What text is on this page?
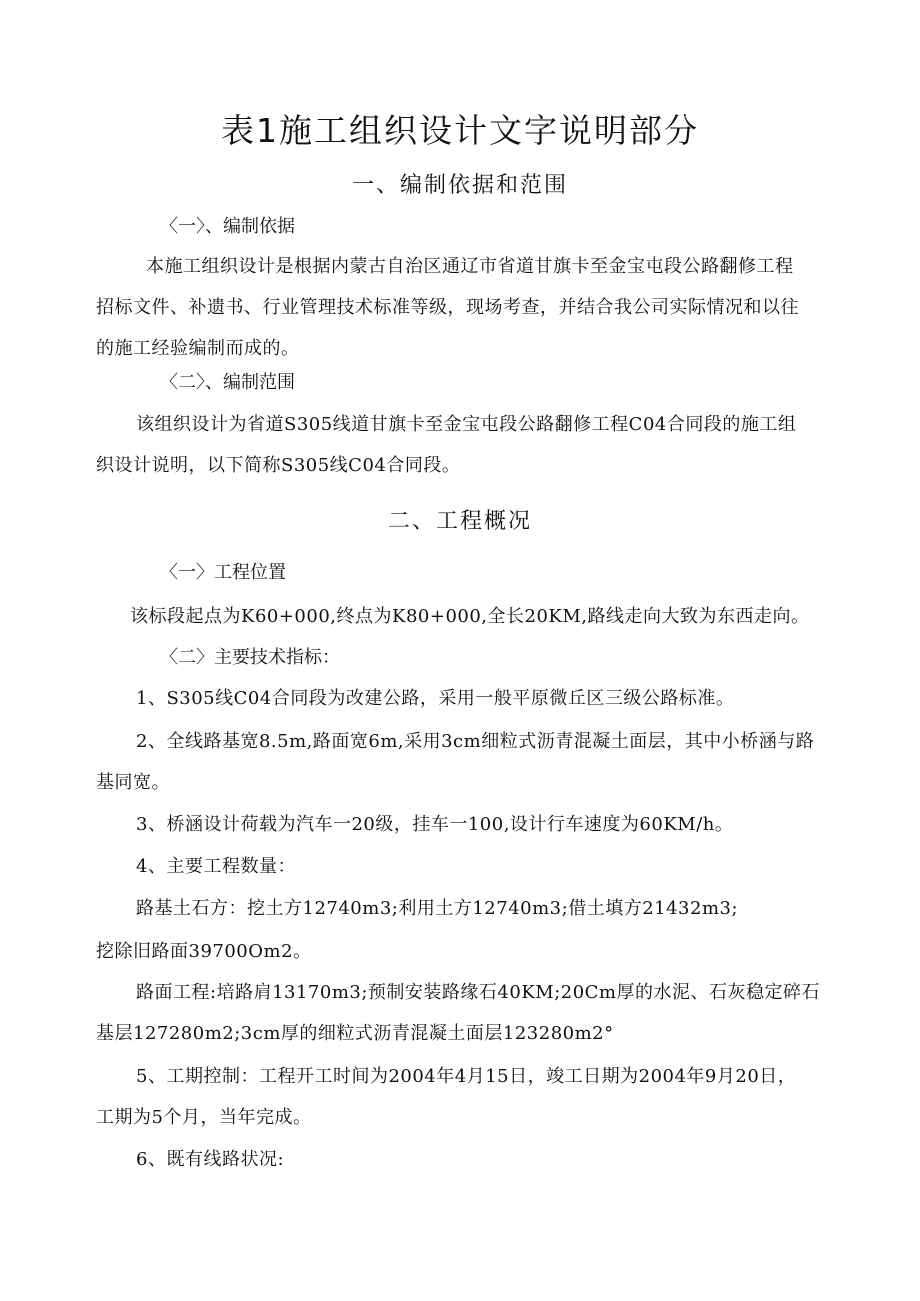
表1施工组织设计文字说明部分
一、编制依据和范围
〈一〉、编制依据
本施工组织设计是根据内蒙古自治区通辽市省道甘旗卡至金宝屯段公路翻修工程
招标文件、补遗书、行业管理技术标准等级，现场考查，并结合我公司实际情况和以往
的施工经验编制而成的。
〈二〉、编制范围
该组织设计为省道S305线道甘旗卡至金宝屯段公路翻修工程C04合同段的施工组
织设计说明，以下简称S305线C04合同段。
二、工程概况
〈一〉工程位置
该标段起点为K60+000,终点为K80+000,全长20KM,路线走向大致为东西走向。
〈二〉主要技术指标：
1、S305线C04合同段为改建公路，采用一般平原微丘区三级公路标准。
2、全线路基宽8.5m,路面宽6m,采用3cm细粒式沥青混凝土面层，其中小桥涵与路
基同宽。
3、桥涵设计荷载为汽车一20级，挂车一100,设计行车速度为60KM/h。
4、主要工程数量：
路基土石方：挖土方12740m3;利用土方12740m3;借土填方21432m3;
挖除旧路面39700Om2。
路面工程:培路肩13170m3;预制安装路缘石40KM;20Cm厚的水泥、石灰稳定碎石
基层127280m2;3cm厚的细粒式沥青混凝土面层123280m2°
5、工期控制：工程开工时间为2004年4月15日，竣工日期为2004年9月20日，
工期为5个月，当年完成。
6、既有线路状况:
